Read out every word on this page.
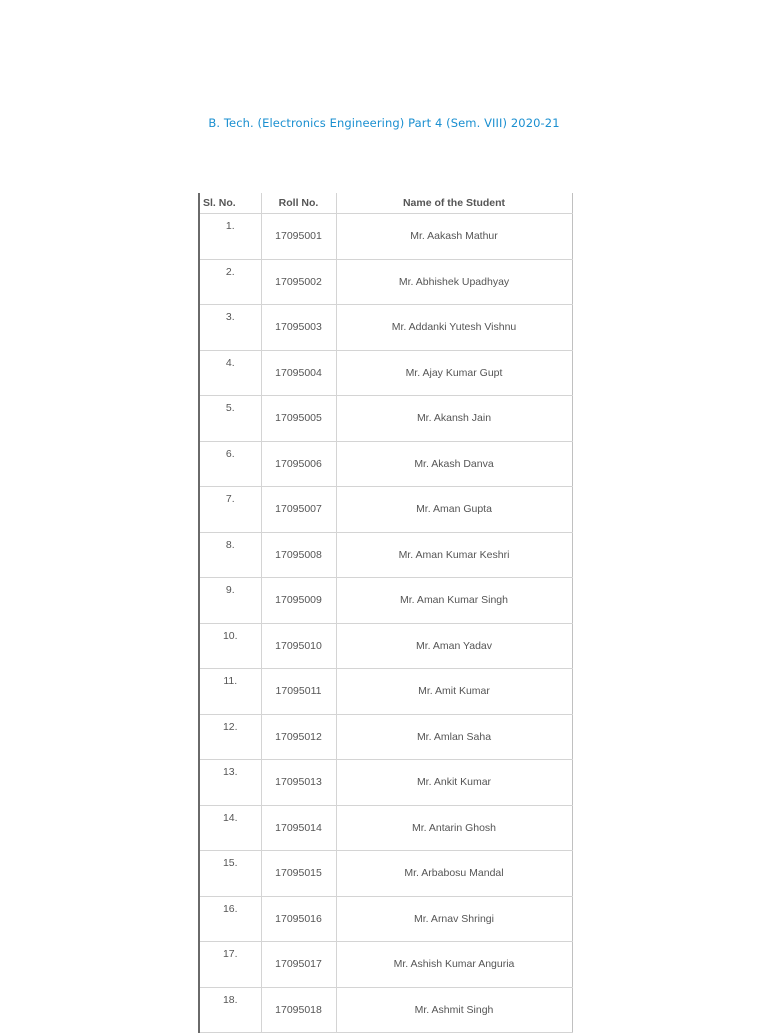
B. Tech. (Electronics Engineering) Part 4 (Sem. VIII) 2020-21
Sl. No.	Roll No.	Name of the Student
1.	17095001	Mr. Aakash Mathur
2.	17095002	Mr. Abhishek Upadhyay
3.	17095003	Mr. Addanki Yutesh Vishnu
4.	17095004	Mr. Ajay Kumar Gupt
5.	17095005	Mr. Akansh Jain
6.	17095006	Mr. Akash Danva
7.	17095007	Mr. Aman Gupta
8.	17095008	Mr. Aman Kumar Keshri
9.	17095009	Mr. Aman Kumar Singh
10.	17095010	Mr. Aman Yadav
11.	17095011	Mr. Amit Kumar
12.	17095012	Mr. Amlan Saha
13.	17095013	Mr. Ankit Kumar
14.	17095014	Mr. Antarin Ghosh
15.	17095015	Mr. Arbabosu Mandal
16.	17095016	Mr. Arnav Shringi
17.	17095017	Mr. Ashish Kumar Anguria
18.	17095018	Mr. Ashmit Singh
